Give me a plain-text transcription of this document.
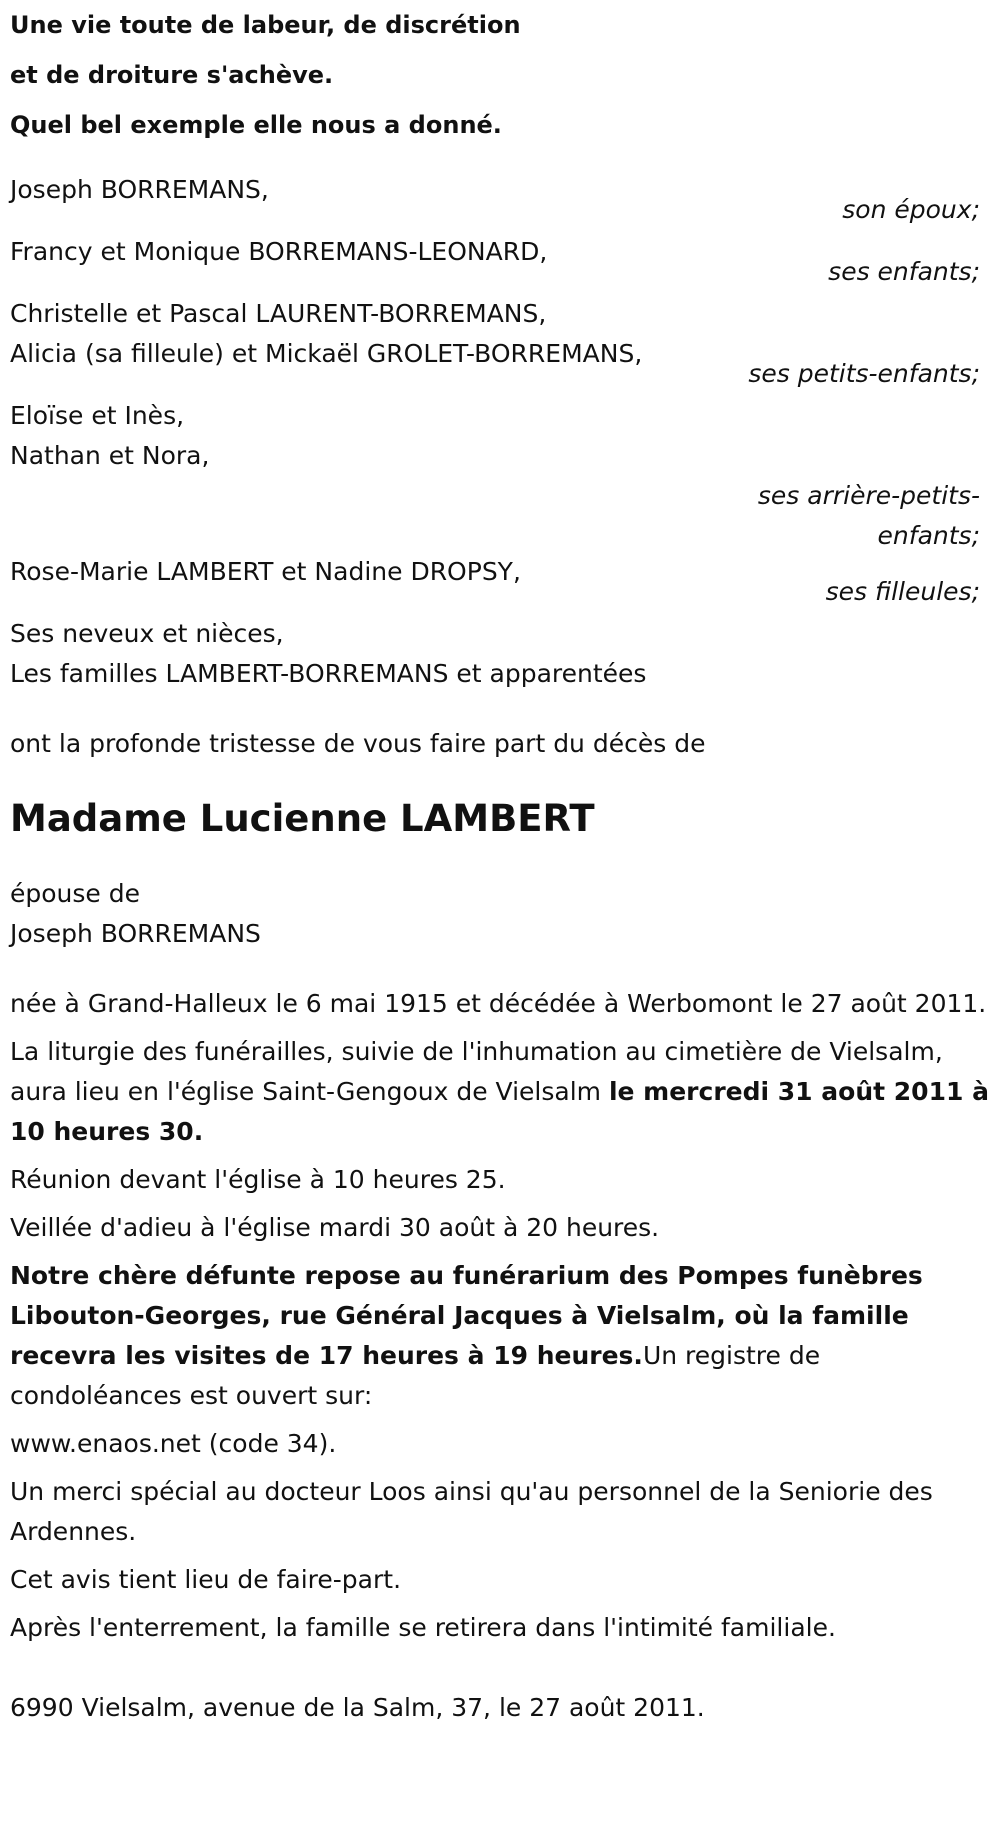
Une vie toute de labeur, de discrétion
et de droiture s'achève.
Quel bel exemple elle nous a donné.
Joseph BORREMANS,
son époux;
Francy et Monique BORREMANS-LEONARD,
ses enfants;
Christelle et Pascal LAURENT-BORREMANS,
Alicia (sa filleule) et Mickaël GROLET-BORREMANS,
ses petits-enfants;
Eloïse et Inès,
Nathan et Nora,
ses arrière-petits-
enfants;
Rose-Marie LAMBERT et Nadine DROPSY,
ses filleules;
Ses neveux et nièces,
Les familles LAMBERT-BORREMANS et apparentées

ont la profonde tristesse de vous faire part du décès de

Madame Lucienne LAMBERT
épouse de
Joseph BORREMANS

née à Grand-Halleux le 6 mai 1915 et décédée à Werbomont le 27 août 2011.

La liturgie des funérailles, suivie de l'inhumation au cimetière de Vielsalm, aura lieu en l'église Saint-Gengoux de Vielsalm le mercredi 31 août 2011 à 10 heures 30.

Réunion devant l'église à 10 heures 25.

Veillée d'adieu à l'église mardi 30 août à 20 heures.

Notre chère défunte repose au funérarium des Pompes funèbres Libouton-Georges, rue Général Jacques à Vielsalm, où la famille recevra les visites de 17 heures à 19 heures.Un registre de condoléances est ouvert sur:

www.enaos.net (code 34).

Un merci spécial au docteur Loos ainsi qu'au personnel de la Seniorie des Ardennes.

Cet avis tient lieu de faire-part.

Après l'enterrement, la famille se retirera dans l'intimité familiale.

6990 Vielsalm, avenue de la Salm, 37, le 27 août 2011.
